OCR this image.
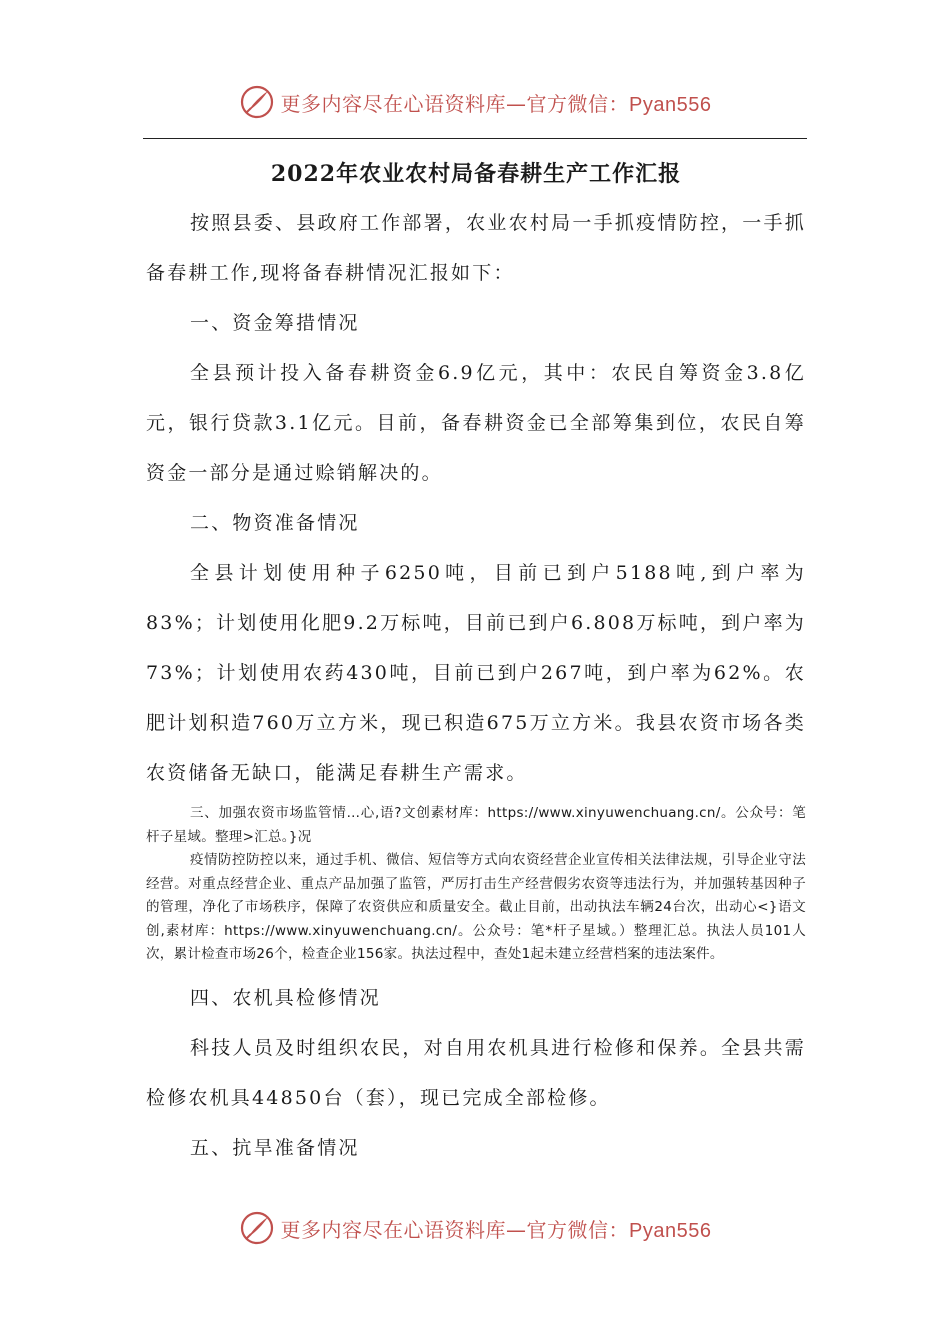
更多内容尽在心语资料库—官方微信：Pyan556
2022年农业农村局备春耕生产工作汇报

按照县委、县政府工作部署，农业农村局一手抓疫情防控，一手抓备春耕工作,现将备春耕情况汇报如下：

一、资金筹措情况

全县预计投入备春耕资金6.9亿元，其中：农民自筹资金3.8亿元，银行贷款3.1亿元。目前，备春耕资金已全部筹集到位，农民自筹资金一部分是通过赊销解决的。

二、物资准备情况

全县计划使用种子6250吨，目前已到户5188吨,到户率为83%；计划使用化肥9.2万标吨，目前已到户6.808万标吨，到户率为73%；计划使用农药430吨，目前已到户267吨，到户率为62%。农肥计划积造760万立方米，现已积造675万立方米。我县农资市场各类农资储备无缺口，能满足春耕生产需求。

三、加强农资市场监管情…心,语?文创素材库：https://www.xinyuwenchuang.cn/。公众号：笔杆子星域。整理>汇总。}况

疫情防控防控以来，通过手机、微信、短信等方式向农资经营企业宣传相关法律法规，引导企业守法经营。对重点经营企业、重点产品加强了监管，严厉打击生产经营假劣农资等违法行为，并加强转基因种子的管理，净化了市场秩序，保障了农资供应和质量安全。截止目前，出动执法车辆24台次，出动心<}语文创,素材库：https://www.xinyuwenchuang.cn/。公众号：笔*杆子星域。）整理汇总。执法人员101人次，累计检查市场26个，检查企业156家。执法过程中，查处1起未建立经营档案的违法案件。

四、农机具检修情况

科技人员及时组织农民，对自用农机具进行检修和保养。全县共需检修农机具44850台（套），现已完成全部检修。

五、抗旱准备情况

更多内容尽在心语资料库—官方微信：Pyan556
